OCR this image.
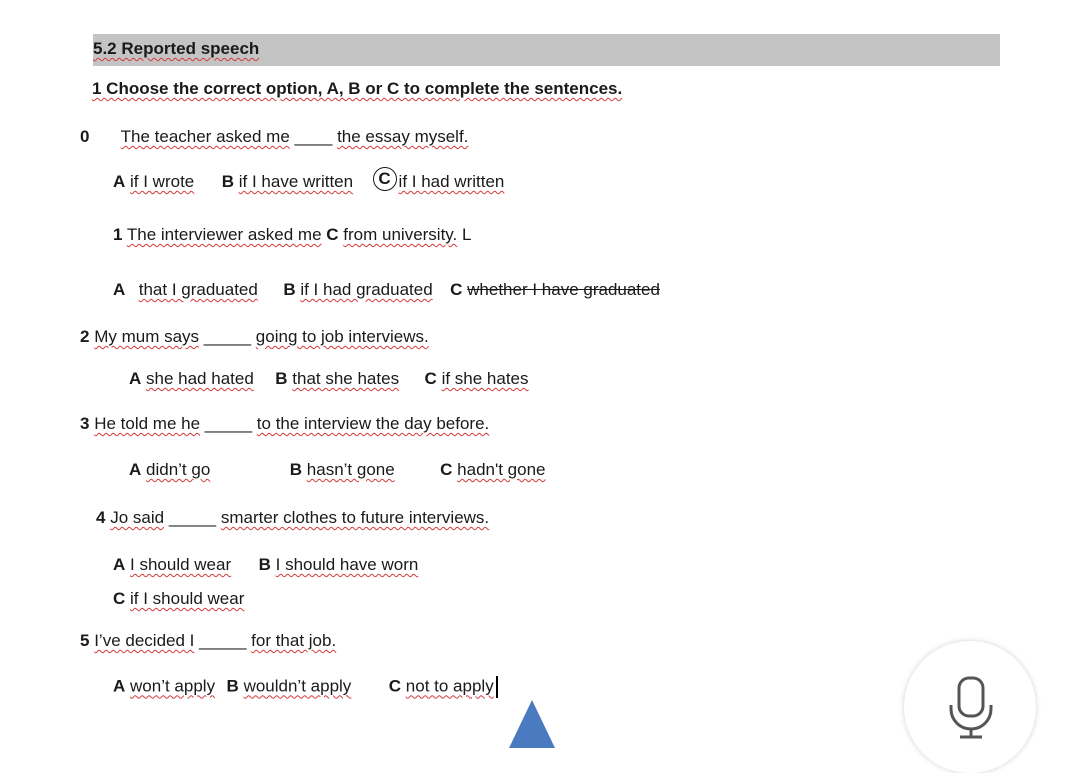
5.2 Reported speech
1 Choose the correct option, A, B or C to complete the sentences.
0 The teacher asked me ____ the essay myself.
A if I wrote B if I have written C if I had written
1 The interviewer asked me C from university. L
A that I graduated B if I had graduated C whether I have graduated
2 My mum says _____ going to job interviews.
A she had hated B that she hates C if she hates
3 He told me he _____ to the interview the day before.
A didn’t go	B hasn’t gone	C hadn't gone
4 Jo said _____ smarter clothes to future interviews.
A I should wear B I should have worn
C if I should wear
5 I’ve decided I _____ for that job.
A won’t apply B wouldn’t apply C not to apply
